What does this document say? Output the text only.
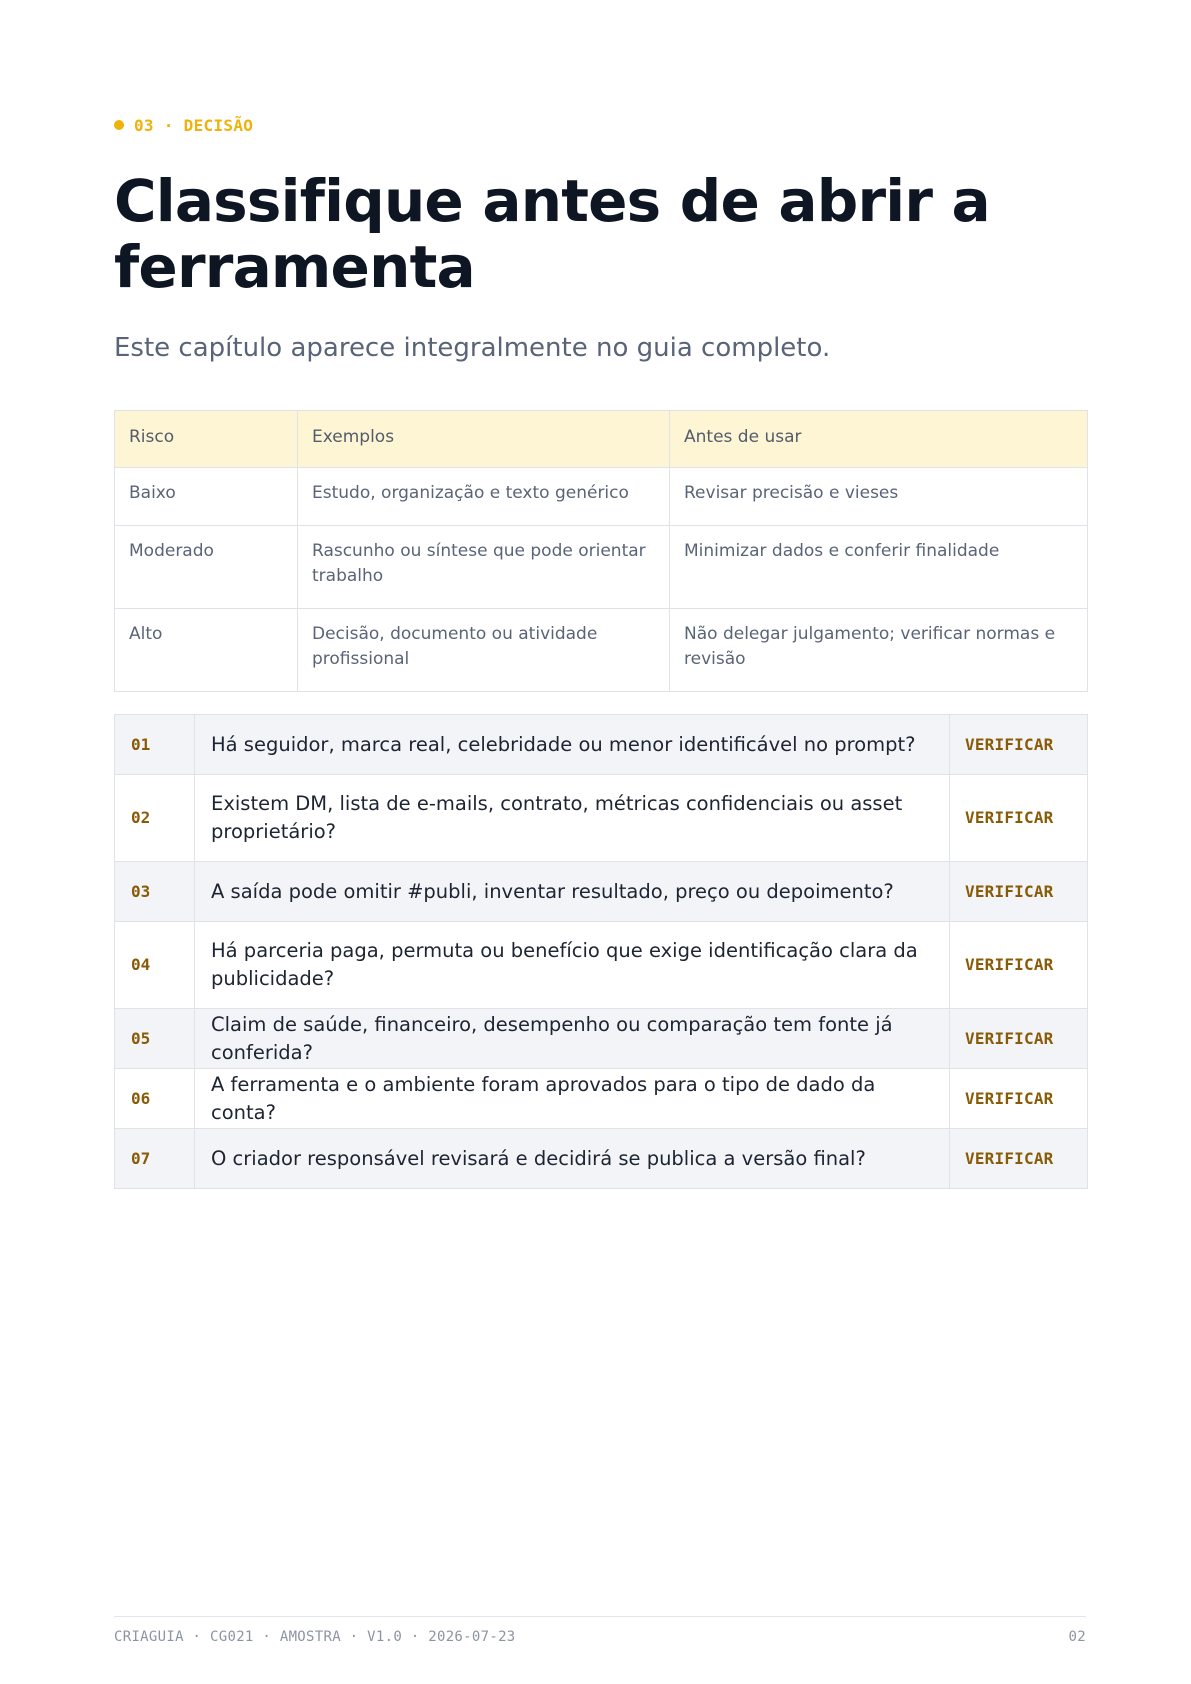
03 · DECISÃO
Classifique antes de abrir a ferramenta

Este capítulo aparece integralmente no guia completo.

Risco	Exemplos	Antes de usar
Baixo	Estudo, organização e texto genérico	Revisar precisão e vieses
Moderado	Rascunho ou síntese que pode orientar trabalho	Minimizar dados e conferir finalidade
Alto	Decisão, documento ou atividade profissional	Não delegar julgamento; verificar normas e revisão
01	Há seguidor, marca real, celebridade ou menor identificável no prompt?	VERIFICAR
02	Existem DM, lista de e-mails, contrato, métricas confidenciais ou asset proprietário?	VERIFICAR
03	A saída pode omitir #publi, inventar resultado, preço ou depoimento?	VERIFICAR
04	Há parceria paga, permuta ou benefício que exige identificação clara da publicidade?	VERIFICAR
05	Claim de saúde, financeiro, desempenho ou comparação tem fonte já conferida?	VERIFICAR
06	A ferramenta e o ambiente foram aprovados para o tipo de dado da conta?	VERIFICAR
07	O criador responsável revisará e decidirá se publica a versão final?	VERIFICAR
CRIAGUIA · CG021 · AMOSTRA · V1.0 · 2026-07-23	02
